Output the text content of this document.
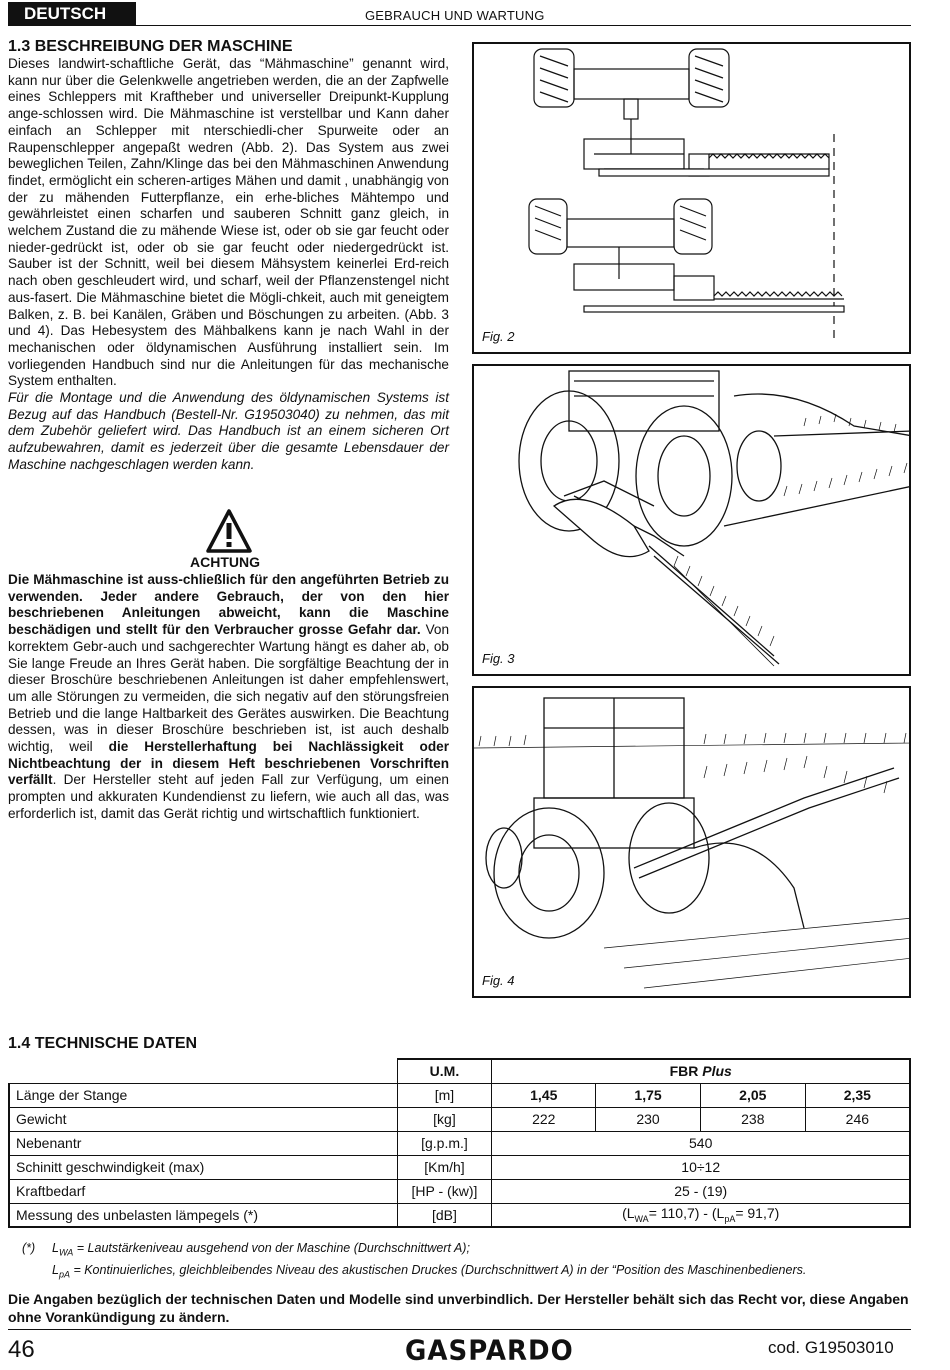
DEUTSCH	GEBRAUCH UND WARTUNG
1.3 BESCHREIBUNG DER MASCHINE

Dieses landwirt-schaftliche Gerät, das “Mähmaschine” genannt wird, kann nur über die Gelenkwelle angetrieben werden, die an der Zapfwelle eines Schleppers mit Kraftheber und universeller Dreipunkt-Kupplung ange-schlossen wird. Die Mähmaschine ist verstellbar und Kann daher einfach an Schlepper mit nterschiedli-cher Spurweite oder an Raupenschlepper angepaßt wedren (Abb. 2). Das System aus zwei beweglichen Teilen, Zahn/Klinge das bei den Mähmaschinen Anwendung findet, ermöglicht ein scheren-artiges Mähen und damit , unabhängig von der zu mähenden Futterpflanze, ein erhe-bliches Mähtempo und gewährleistet einen scharfen und sauberen Schnitt ganz gleich, in welchem Zustand die zu mähende Wiese ist, oder ob sie gar feucht oder nieder-gedrückt ist, oder ob sie gar feucht oder niedergedrückt ist. Sauber ist der Schnitt, weil bei diesem Mähsystem keinerlei Erd-reich nach oben geschleudert wird, und scharf, weil der Pflanzenstengel nicht aus-fasert. Die Mähmaschine bietet die Mögli-chkeit, auch mit geneigtem Balken, z. B. bei Kanälen, Gräben und Böschungen zu arbeiten. (Abb. 3 und 4). Das Hebesystem des Mähbalkens kann je nach Wahl in der mechanischen oder öldynamischen Ausführung installiert sein. Im vorliegenden Handbuch sind nur die Anleitungen für das mechanische System enthalten.

Für die Montage und die Anwendung des öldynamischen Systems ist Bezug auf das Handbuch (Bestell-Nr. G19503040) zu nehmen, das mit dem Zubehör geliefert wird. Das Handbuch ist an einem sicheren Ort aufzubewahren, damit es jederzeit über die gesamte Lebensdauer der Maschine nachgeschlagen werden kann.

ACHTUNG

Die Mähmaschine ist auss-chließlich für den angeführten Betrieb zu verwenden. Jeder andere Gebrauch, der von den hier beschriebenen Anleitungen abweicht, kann die Maschine beschädigen und stellt für den Verbraucher grosse Gefahr dar. Von korrektem Gebr-auch und sachgerechter Wartung hängt es daher ab, ob Sie lange Freude an Ihres Gerät haben. Die sorgfältige Beachtung der in dieser Broschüre beschriebenen Anleitungen ist daher empfehlenswert, um alle Störungen zu vermeiden, die sich negativ auf den störungsfreien Betrieb und die lange Haltbarkeit des Gerätes auswirken. Die Beachtung dessen, was in dieser Broschüre beschrieben ist, ist auch deshalb wichtig, weil die Herstellerhaftung bei Nachlässigkeit oder Nichtbeachtung der in diesem Heft beschriebenen Vorschriften verfällt. Der Hersteller steht auf jeden Fall zur Verfügung, um einen prompten und akkuraten Kundendienst zu liefern, wie auch all das, was erforderlich ist, damit das Gerät richtig und wirtschaftlich funktioniert.

Fig. 2
Fig. 3
Fig. 4
1.4 TECHNISCHE DATEN
	U.M.	FBR Plus			
Länge der Stange	[m]	1,45	1,75	2,05	2,35
Gewicht	[kg]	222	230	238	246
Nebenantr	[g.p.m.]	540			
Schinitt geschwindigkeit (max)	[Km/h]	10÷12			
Kraftbedarf	[HP - (kw)]	25 - (19)			
Messung des unbelasten lämpegels (*)	[dB]	$(L_{WA}= 110,7) - (L_{pA}= 91,7)$			
(*) $L_{WA}$ = Lautstärkeniveau ausgehend von der Maschine (Durchschnittwert A);
$L_{pA}$ = Kontinuierliches, gleichbleibendes Niveau des akustischen Druckes (Durchschnittwert A) in der “Position des Maschinenbedieners.
Die Angaben bezüglich der technischen Daten und Modelle sind unverbindlich. Der Hersteller behält sich das Recht vor, diese Angaben ohne Vorankündigung zu ändern.
46	GASPARDO	cod. G19503010
